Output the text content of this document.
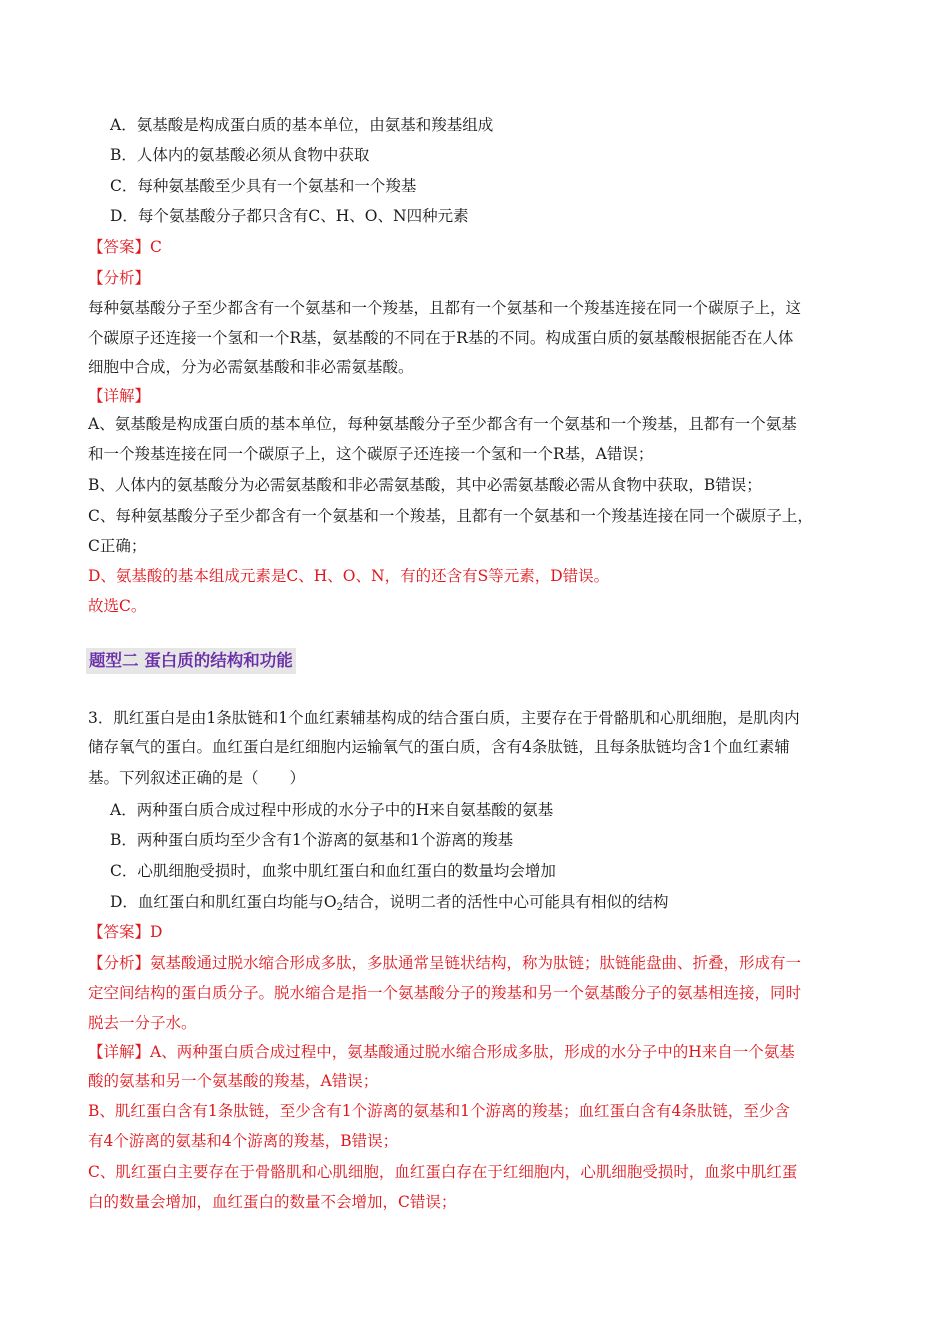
A．氨基酸是构成蛋白质的基本单位，由氨基和羧基组成
B．人体内的氨基酸必须从食物中获取
C．每种氨基酸至少具有一个氨基和一个羧基
D．每个氨基酸分子都只含有C、H、O、N四种元素
【答案】C
【分析】
每种氨基酸分子至少都含有一个氨基和一个羧基，且都有一个氨基和一个羧基连接在同一个碳原子上，这
个碳原子还连接一个氢和一个R基，氨基酸的不同在于R基的不同。构成蛋白质的氨基酸根据能否在人体
细胞中合成，分为必需氨基酸和非必需氨基酸。
【详解】
A、氨基酸是构成蛋白质的基本单位，每种氨基酸分子至少都含有一个氨基和一个羧基，且都有一个氨基
和一个羧基连接在同一个碳原子上，这个碳原子还连接一个氢和一个R基，A错误；
B、人体内的氨基酸分为必需氨基酸和非必需氨基酸，其中必需氨基酸必需从食物中获取，B错误；
C、每种氨基酸分子至少都含有一个氨基和一个羧基，且都有一个氨基和一个羧基连接在同一个碳原子上，
C正确；
D、氨基酸的基本组成元素是C、H、O、N，有的还含有S等元素，D错误。
故选C。
题型二 蛋白质的结构和功能
3．肌红蛋白是由1条肽链和1个血红素辅基构成的结合蛋白质，主要存在于骨骼肌和心肌细胞，是肌肉内
储存氧气的蛋白。血红蛋白是红细胞内运输氧气的蛋白质，含有4条肽链，且每条肽链均含1个血红素辅
基。下列叙述正确的是（　　）
A．两种蛋白质合成过程中形成的水分子中的H来自氨基酸的氨基
B．两种蛋白质均至少含有1个游离的氨基和1个游离的羧基
C．心肌细胞受损时，血浆中肌红蛋白和血红蛋白的数量均会增加
D．血红蛋白和肌红蛋白均能与$O_2$结合，说明二者的活性中心可能具有相似的结构
【答案】D
【分析】氨基酸通过脱水缩合形成多肽，多肽通常呈链状结构，称为肽链；肽链能盘曲、折叠，形成有一
定空间结构的蛋白质分子。脱水缩合是指一个氨基酸分子的羧基和另一个氨基酸分子的氨基相连接，同时
脱去一分子水。
【详解】A、两种蛋白质合成过程中，氨基酸通过脱水缩合形成多肽，形成的水分子中的H来自一个氨基
酸的氨基和另一个氨基酸的羧基，A错误；
B、肌红蛋白含有1条肽链，至少含有1个游离的氨基和1个游离的羧基；血红蛋白含有4条肽链，至少含
有4个游离的氨基和4个游离的羧基，B错误；
C、肌红蛋白主要存在于骨骼肌和心肌细胞，血红蛋白存在于红细胞内，心肌细胞受损时，血浆中肌红蛋
白的数量会增加，血红蛋白的数量不会增加，C错误；
